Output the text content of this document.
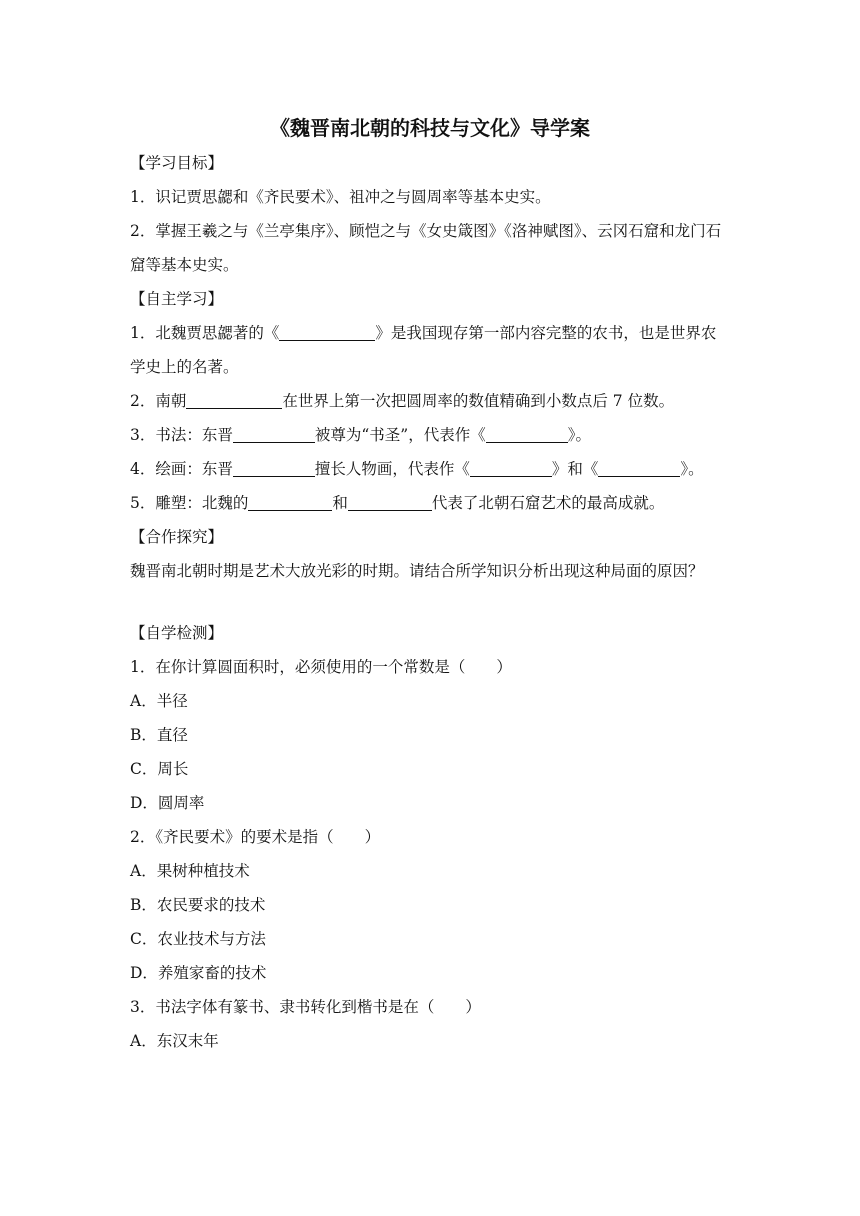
《魏晋南北朝的科技与文化》导学案
【学习目标】
1．识记贾思勰和《齐民要术》、祖冲之与圆周率等基本史实。
2．掌握王羲之与《兰亭集序》、顾恺之与《女史箴图》《洛神赋图》、云冈石窟和龙门石窟等基本史实。
【自主学习】
1．北魏贾思勰著的《	》是我国现存第一部内容完整的农书，也是世界农学史上的名著。
2．南朝	在世界上第一次把圆周率的数值精确到小数点后 7 位数。
3．书法：东晋	被尊为“书圣”，代表作《	》。
4．绘画：东晋	擅长人物画，代表作《	》和《	》。
5．雕塑：北魏的	和	代表了北朝石窟艺术的最高成就。
【合作探究】
魏晋南北朝时期是艺术大放光彩的时期。请结合所学知识分析出现这种局面的原因？
【自学检测】
1．在你计算圆面积时，必须使用的一个常数是（　　）
A．半径
B．直径
C．周长
D．圆周率
2．《齐民要术》的要术是指（　　）
A．果树种植技术
B．农民要求的技术
C．农业技术与方法
D．养殖家畜的技术
3．书法字体有篆书、隶书转化到楷书是在（　　）
A．东汉末年
